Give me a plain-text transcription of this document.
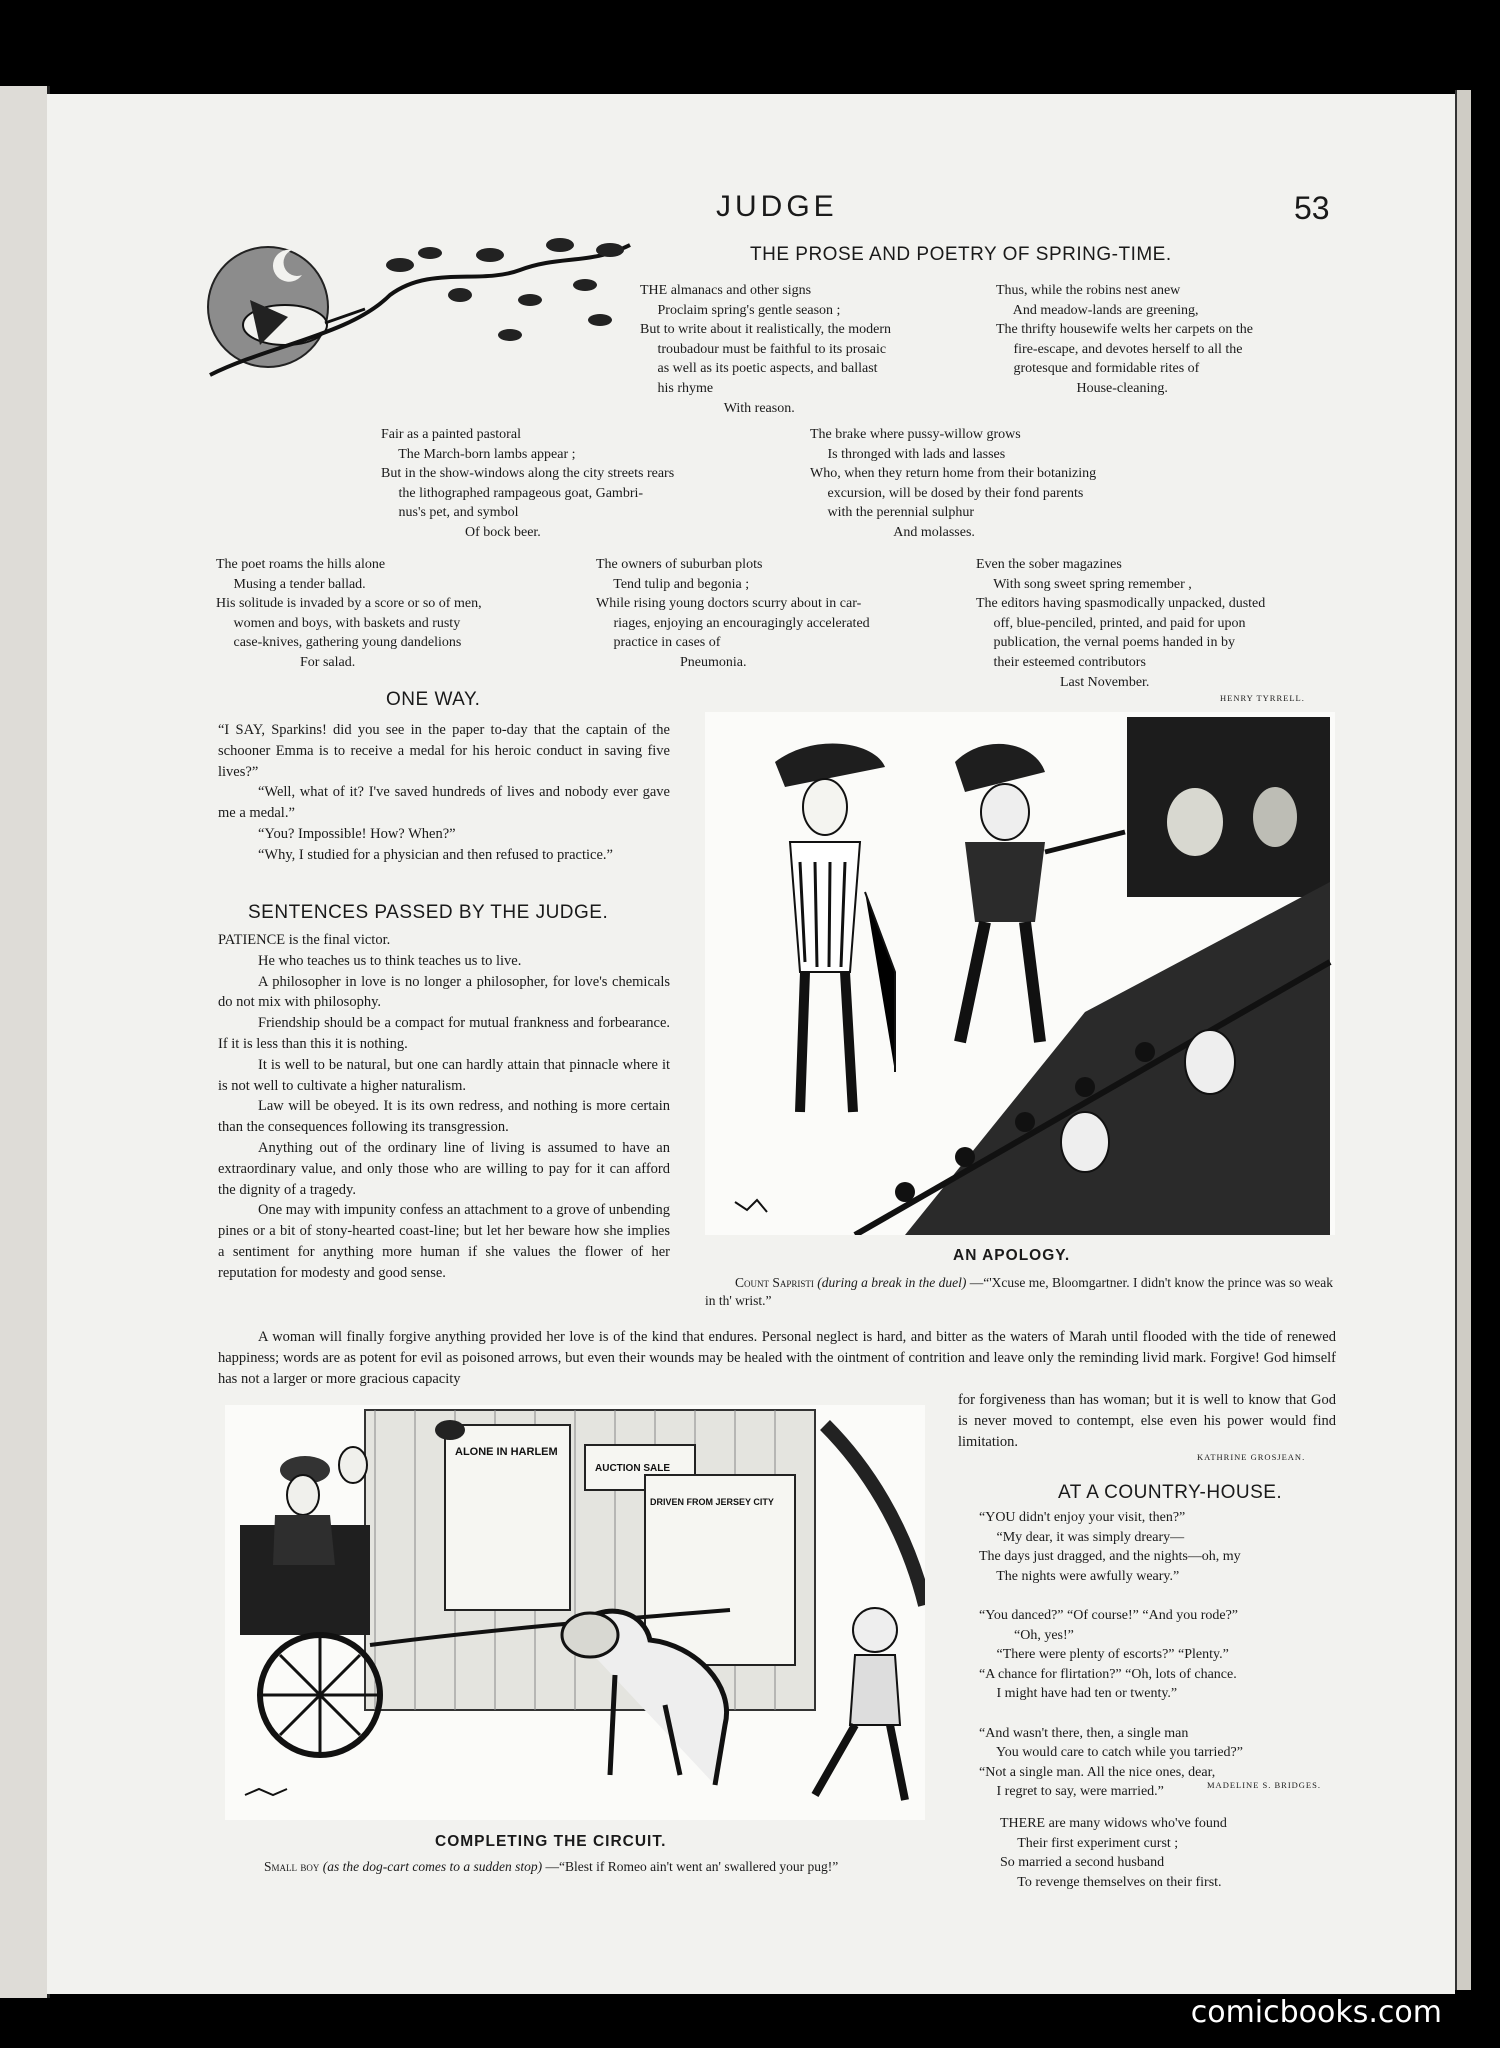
JUDGE	53
THE PROSE AND POETRY OF SPRING-TIME.
THE almanacs and other signs
Proclaim spring's gentle season ;
But to write about it realistically, the modern
troubadour must be faithful to its prosaic
as well as its poetic aspects, and ballast
his rhyme
With reason.
Thus, while the robins nest anew
And meadow-lands are greening,
The thrifty housewife welts her carpets on the
fire-escape, and devotes herself to all the
grotesque and formidable rites of
House-cleaning.
Fair as a painted pastoral
The March-born lambs appear ;
But in the show-windows along the city streets rears
the lithographed rampageous goat, Gambri-
nus's pet, and symbol
Of bock beer.
The brake where pussy-willow grows
Is thronged with lads and lasses
Who, when they return home from their botanizing
excursion, will be dosed by their fond parents
with the perennial sulphur
And molasses.
The poet roams the hills alone
Musing a tender ballad.
His solitude is invaded by a score or so of men,
women and boys, with baskets and rusty
case-knives, gathering young dandelions
For salad.
The owners of suburban plots
Tend tulip and begonia ;
While rising young doctors scurry about in car-
riages, enjoying an encouragingly accelerated
practice in cases of
Pneumonia.
Even the sober magazines
With song sweet spring remember ,
The editors having spasmodically unpacked, dusted
off, blue-penciled, printed, and paid for upon
publication, the vernal poems handed in by
their esteemed contributors
Last November.
HENRY TYRRELL.
ONE WAY.

“I SAY, Sparkins! did you see in the paper to-day that the captain of the schooner Emma is to receive a medal for his heroic conduct in saving five lives?”

“Well, what of it? I've saved hundreds of lives and nobody ever gave me a medal.”

“You? Impossible! How? When?”

“Why, I studied for a physician and then refused to practice.”

SENTENCES PASSED BY THE JUDGE.

PATIENCE is the final victor.

He who teaches us to think teaches us to live.

A philosopher in love is no longer a philosopher, for love's chemicals do not mix with philosophy.

Friendship should be a compact for mutual frankness and forbearance. If it is less than this it is nothing.

It is well to be natural, but one can hardly attain that pinnacle where it is not well to cultivate a higher naturalism.

Law will be obeyed. It is its own redress, and nothing is more certain than the consequences following its transgression.

Anything out of the ordinary line of living is assumed to have an extraordinary value, and only those who are willing to pay for it can afford the dignity of a tragedy.

One may with impunity confess an attachment to a grove of unbending pines or a bit of stony-hearted coast-line; but let her beware how she implies a sentiment for anything more human if she values the flower of her reputation for modesty and good sense.

A woman will finally forgive anything provided her love is of the kind that endures. Personal neglect is hard, and bitter as the waters of Marah until flooded with the tide of renewed happiness; words are as potent for evil as poisoned arrows, but even their wounds may be healed with the ointment of contrition and leave only the reminding livid mark. Forgive! God himself has not a larger or more gracious capacity

for forgiveness than has woman; but it is well to know that God is never moved to contempt, else even his power would find limitation.

KATHRINE GROSJEAN.
AN APOLOGY.
Count Sapristi (during a break in the duel) —“'Xcuse me, Bloomgartner. I didn't know the prince was so weak in th' wrist.”
ALONE IN HARLEM
AUCTION SALE
DRIVEN FROM JERSEY CITY
COMPLETING THE CIRCUIT.
Small boy (as the dog-cart comes to a sudden stop) —“Blest if Romeo ain't went an' swallered your pug!”
AT A COUNTRY-HOUSE.
“YOU didn't enjoy your visit, then?”
“My dear, it was simply dreary—
The days just dragged, and the nights—oh, my
The nights were awfully weary.”

“You danced?” “Of course!” “And you rode?”
“Oh, yes!”
“There were plenty of escorts?” “Plenty.”
“A chance for flirtation?” “Oh, lots of chance.
I might have had ten or twenty.”

“And wasn't there, then, a single man
You would care to catch while you tarried?”
“Not a single man. All the nice ones, dear,
I regret to say, were married.”	MADELINE S. BRIDGES.
THERE are many widows who've found
Their first experiment curst ;
So married a second husband
To revenge themselves on their first.
comicbooks.com
